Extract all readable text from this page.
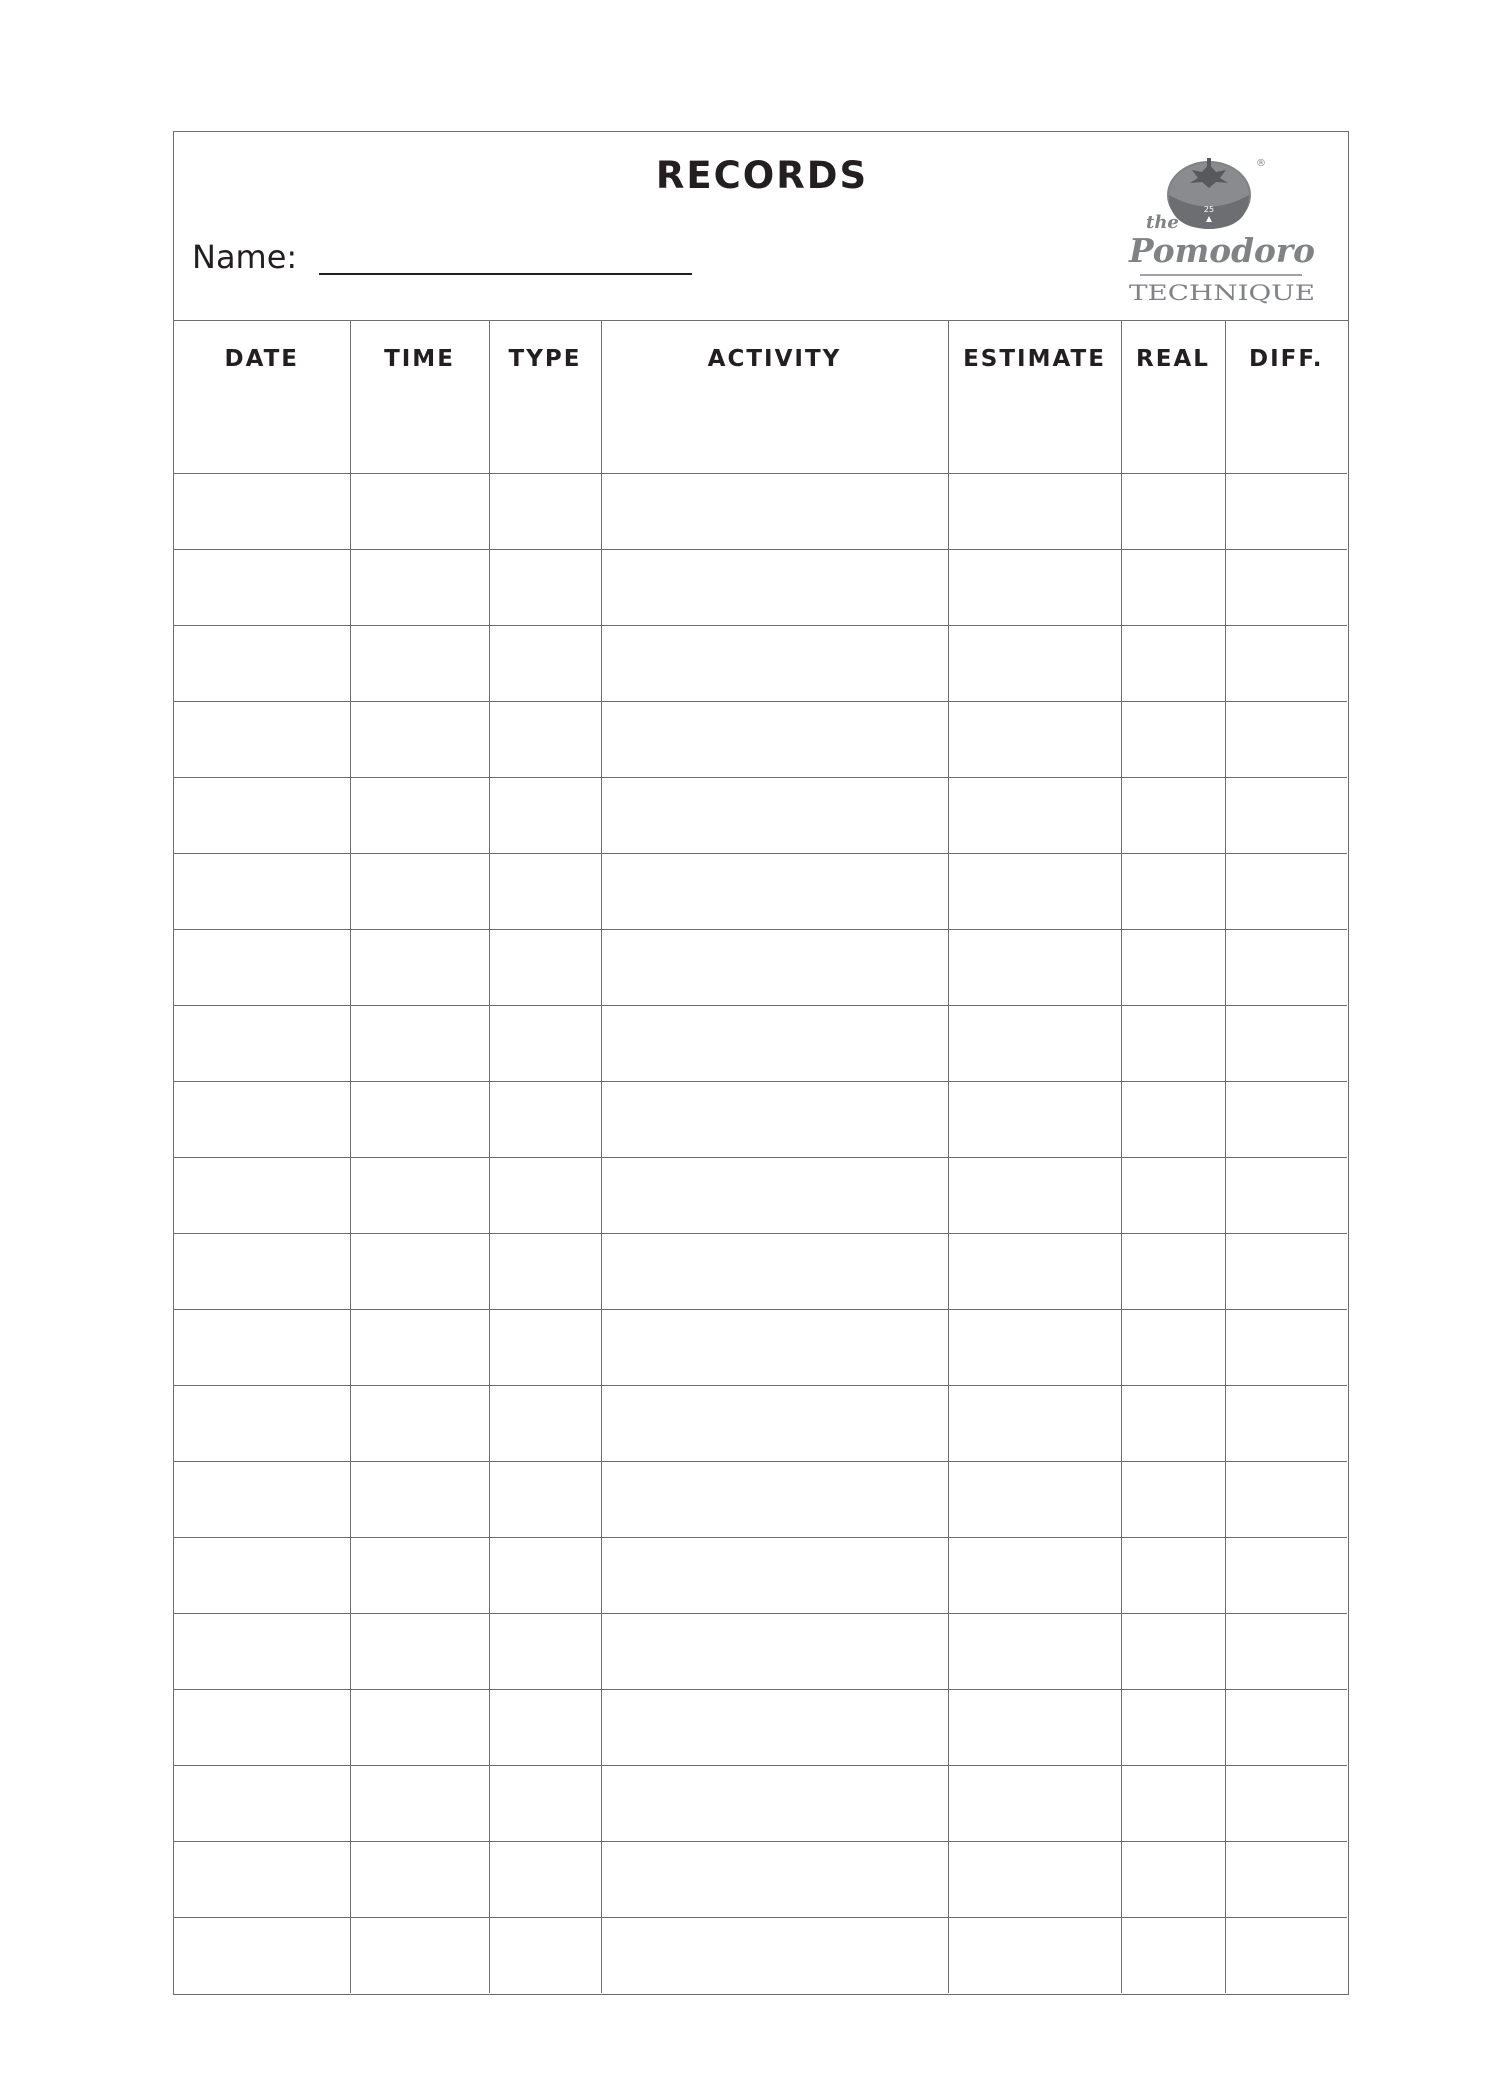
RECORDS
Name:
25
®
the
Pomodoro
TECHNIQUE
DATE	TIME	TYPE	ACTIVITY	ESTIMATE	REAL	DIFF.
